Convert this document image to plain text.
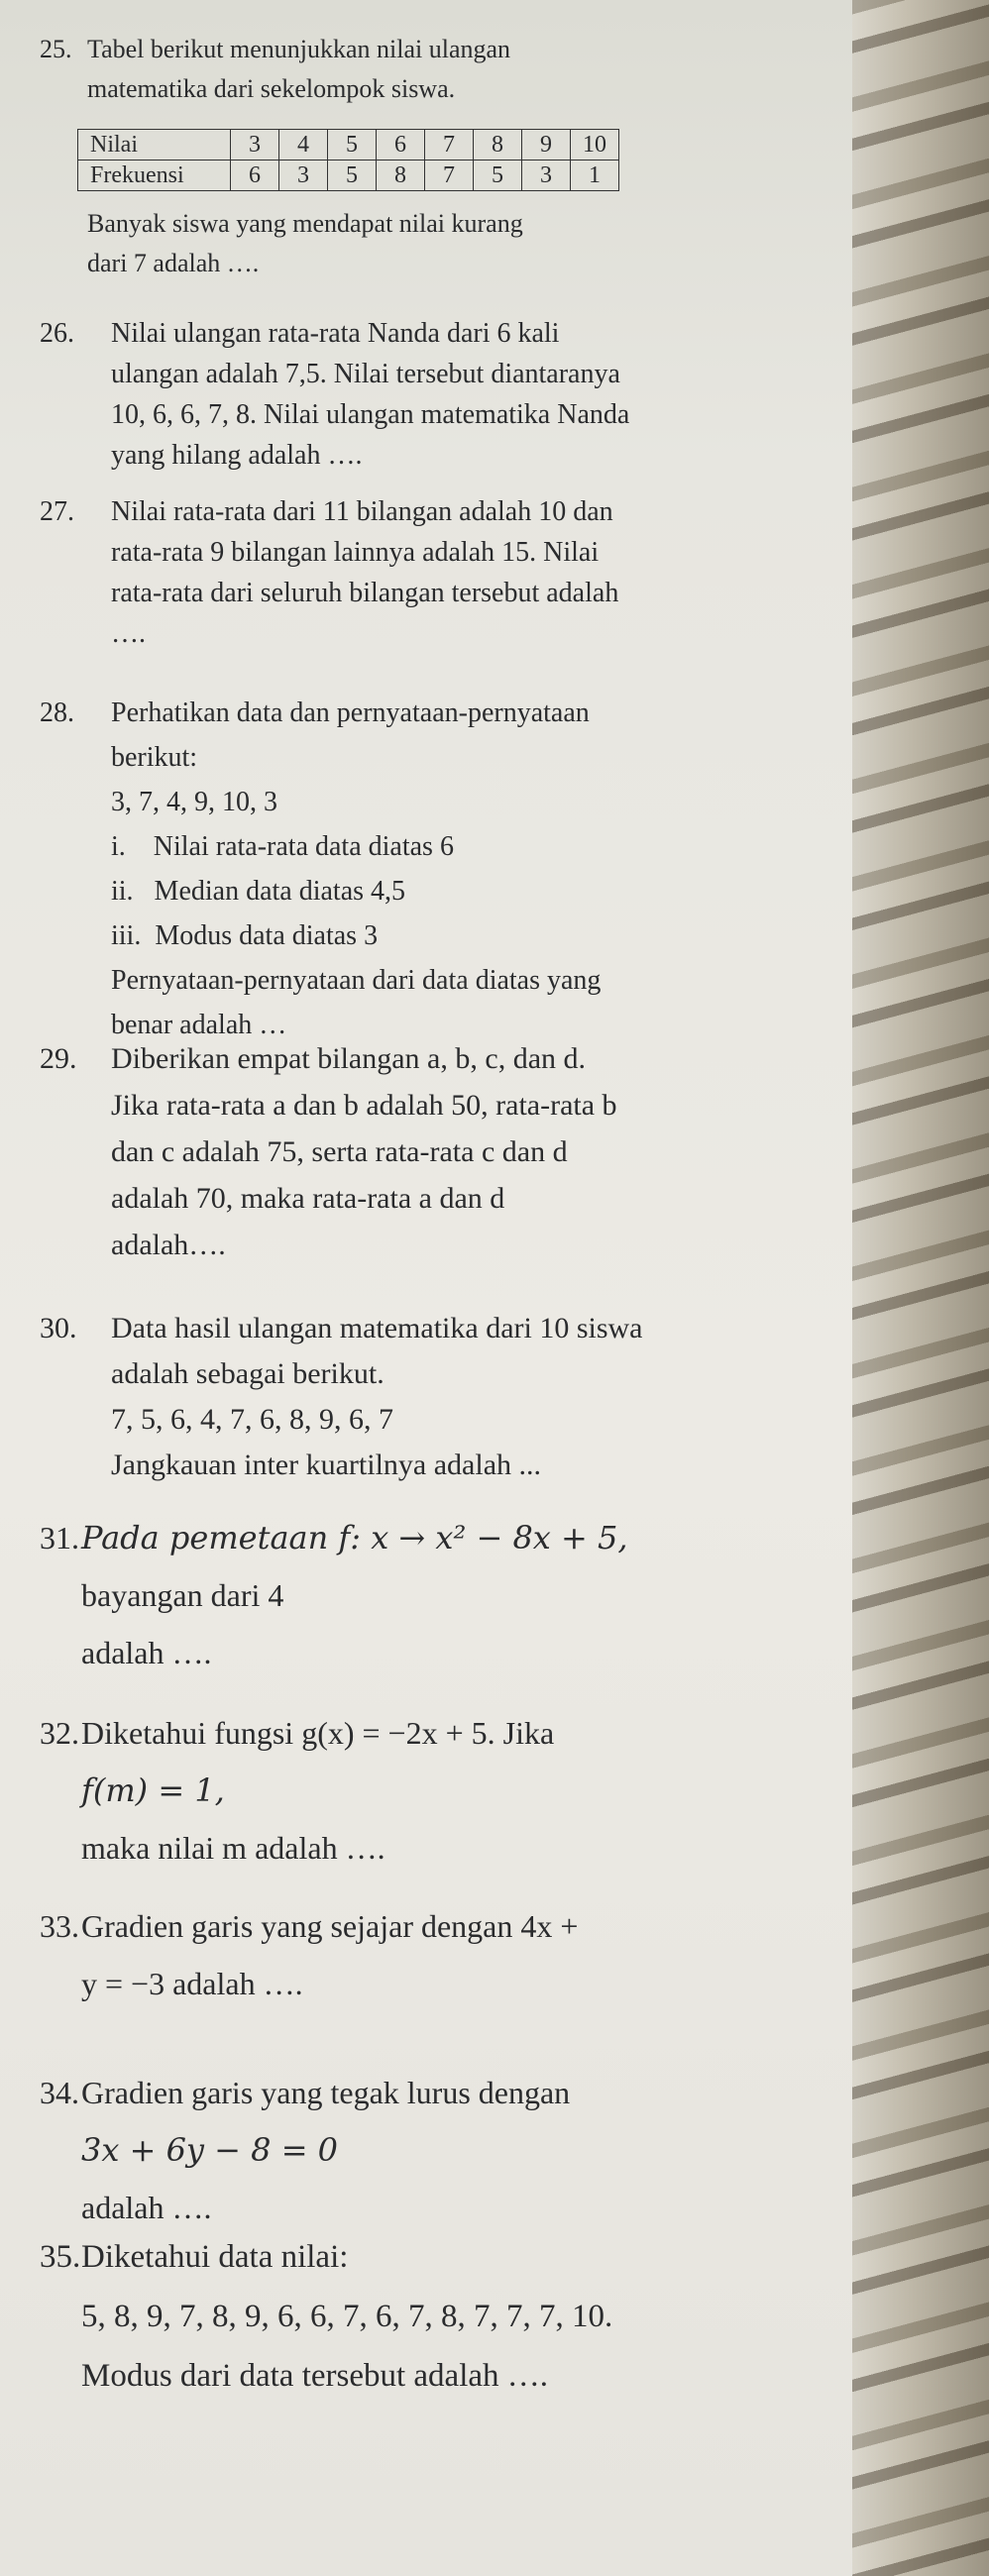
25. Tabel berikut menunjukkan nilai ulangan
matematika dari sekelompok siswa.
Nilai	3	4	5	6	7	8	9	10
Frekuensi	6	3	5	8	7	5	3	1
Banyak siswa yang mendapat nilai kurang
dari 7 adalah ….
26. Nilai ulangan rata-rata Nanda dari 6 kali
ulangan adalah 7,5. Nilai tersebut diantaranya
10, 6, 6, 7, 8. Nilai ulangan matematika Nanda
yang hilang adalah ….
27. Nilai rata-rata dari 11 bilangan adalah 10 dan
rata-rata 9 bilangan lainnya adalah 15. Nilai
rata-rata dari seluruh bilangan tersebut adalah
….
28. Perhatikan data dan pernyataan-pernyataan
berikut:
3, 7, 4, 9, 10, 3
i.    Nilai rata-rata data diatas 6
ii.   Median data diatas 4,5
iii.  Modus data diatas 3
Pernyataan-pernyataan dari data diatas yang
benar adalah …
29. Diberikan empat bilangan a, b, c, dan d.
Jika rata-rata a dan b adalah 50, rata-rata b
dan c adalah 75, serta rata-rata c dan d
adalah 70, maka rata-rata a dan d
adalah….
30. Data hasil ulangan matematika dari 10 siswa
adalah sebagai berikut.
7, 5, 6, 4, 7, 6, 8, 9, 6, 7
Jangkauan inter kuartilnya adalah ...
31. Pada pemetaan f: x → x² − 8x + 5,
bayangan dari 4
adalah ….
32. Diketahui fungsi g(x) = −2x + 5. Jika
f(m) = 1,
maka nilai m adalah ….
33. Gradien garis yang sejajar dengan 4x +
y = −3 adalah ….
34. Gradien garis yang tegak lurus dengan
3x + 6y − 8 = 0
adalah ….
35. Diketahui data nilai:
5, 8, 9, 7, 8, 9, 6, 6, 7, 6, 7, 8, 7, 7, 7, 10.
Modus dari data tersebut adalah ….
